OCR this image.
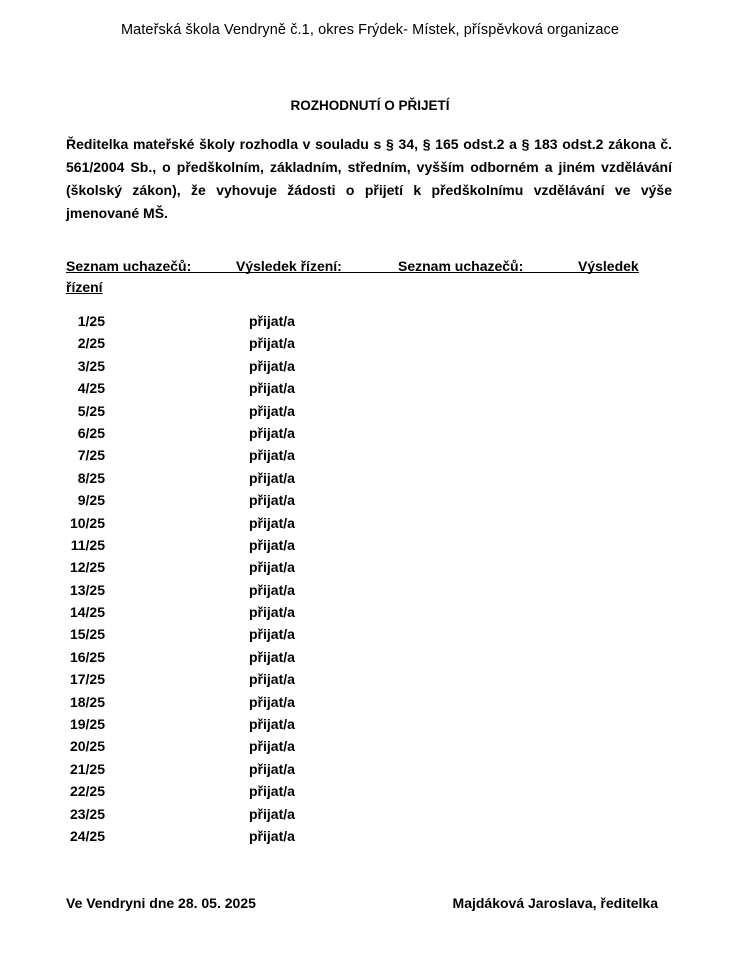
Mateřská škola Vendryně č.1, okres Frýdek- Místek, příspěvková organizace
ROZHODNUTÍ O PŘIJETÍ
Ředitelka mateřské školy rozhodla v souladu s § 34, § 165 odst.2 a § 183 odst.2 zákona č. 561/2004 Sb., o předškolním, základním, středním, vyšším odborném a jiném vzdělávání (školský zákon), že vyhovuje žádosti o přijetí k předškolnímu vzdělávání ve výše jmenované MŠ.
Seznam uchazečů:	Výsledek řízení:	Seznam uchazečů:	Výsledek
řízení
1/25	přijat/a
2/25	přijat/a
3/25	přijat/a
4/25	přijat/a
5/25	přijat/a
6/25	přijat/a
7/25	přijat/a
8/25	přijat/a
9/25	přijat/a
10/25	přijat/a
11/25	přijat/a
12/25	přijat/a
13/25	přijat/a
14/25	přijat/a
15/25	přijat/a
16/25	přijat/a
17/25	přijat/a
18/25	přijat/a
19/25	přijat/a
20/25	přijat/a
21/25	přijat/a
22/25	přijat/a
23/25	přijat/a
24/25	přijat/a
Ve Vendryni dne 28. 05. 2025	Majdáková Jaroslava, ředitelka
